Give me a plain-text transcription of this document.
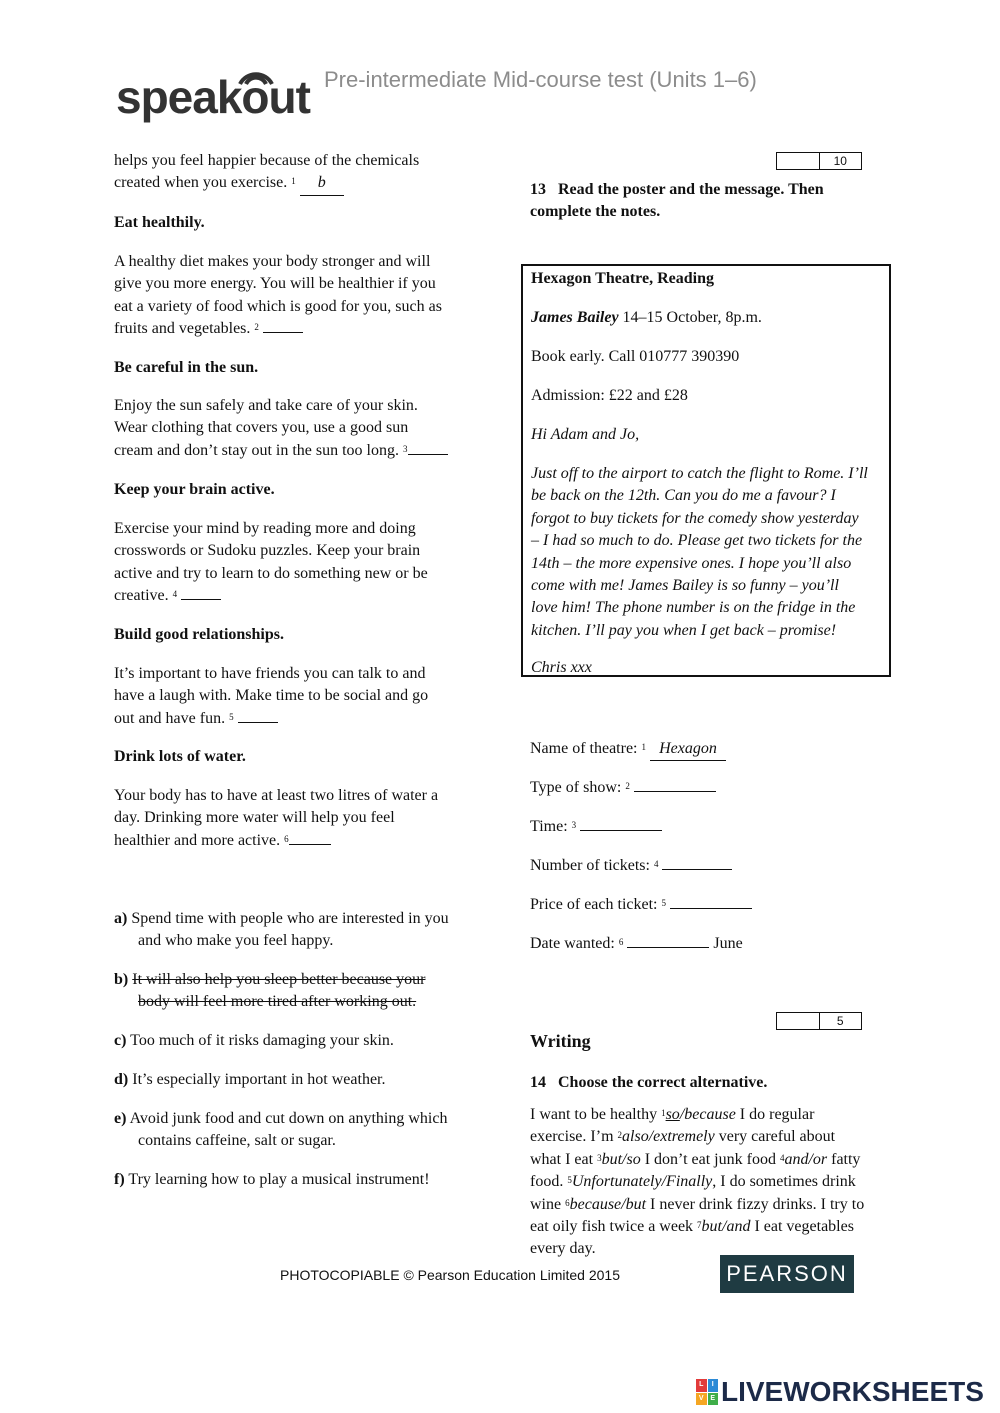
speakout Pre-intermediate Mid-course test (Units 1–6)
helps you feel happier because of the chemicals
created when you exercise. $^1$ b
Eat healthily.
A healthy diet makes your body stronger and will
give you more energy. You will be healthier if you
eat a variety of food which is good for you, such as
fruits and vegetables. $^2$
Be careful in the sun.
Enjoy the sun safely and take care of your skin.
Wear clothing that covers you, use a good sun
cream and don’t stay out in the sun too long. $^3$
Keep your brain active.
Exercise your mind by reading more and doing
crosswords or Sudoku puzzles. Keep your brain
active and try to learn to do something new or be
creative. $^4$
Build good relationships.
It’s important to have friends you can talk to and
have a laugh with. Make time to be social and go
out and have fun. $^5$
Drink lots of water.
Your body has to have at least two litres of water a
day. Drinking more water will help you feel
healthier and more active. $^6$
a) Spend time with people who are interested in you
and who make you feel happy.
b) It will also help you sleep better because your
body will feel more tired after working out.
c) Too much of it risks damaging your skin.
d) It’s especially important in hot weather.
e) Avoid junk food and cut down on anything which
contains caffeine, salt or sugar.
f) Try learning how to play a musical instrument!
10
13 Read the poster and the message. Then
complete the notes.
Hexagon Theatre, Reading
James Bailey 14–15 October, 8p.m.
Book early. Call 010777 390390
Admission: £22 and £28
Hi Adam and Jo,
Just off to the airport to catch the flight to Rome. I’ll
be back on the 12th. Can you do me a favour? I
forgot to buy tickets for the comedy show yesterday
– I had so much to do. Please get two tickets for the
14th – the more expensive ones. I hope you’ll also
come with me! James Bailey is so funny – you’ll
love him! The phone number is on the fridge in the
kitchen. I’ll pay you when I get back – promise!
Chris xxx
Name of theatre: $^1$ Hexagon
Type of show: $^2$
Time: $^3$
Number of tickets: $^4$
Price of each ticket: $^5$
Date wanted: $^6$	June
5
Writing
14 Choose the correct alternative.
I want to be healthy $^1$so/because I do regular
exercise. I’m $^2$also/extremely very careful about
what I eat $^3$but/so I don’t eat junk food $^4$and/or fatty
food. $^5$Unfortunately/Finally, I do sometimes drink
wine $^6$because/but I never drink fizzy drinks. I try to
eat oily fish twice a week $^7$but/and I eat vegetables
every day.
PHOTOCOPIABLE © Pearson Education Limited 2015	PEARSON
L	I
V E LIVEWORKSHEETS
